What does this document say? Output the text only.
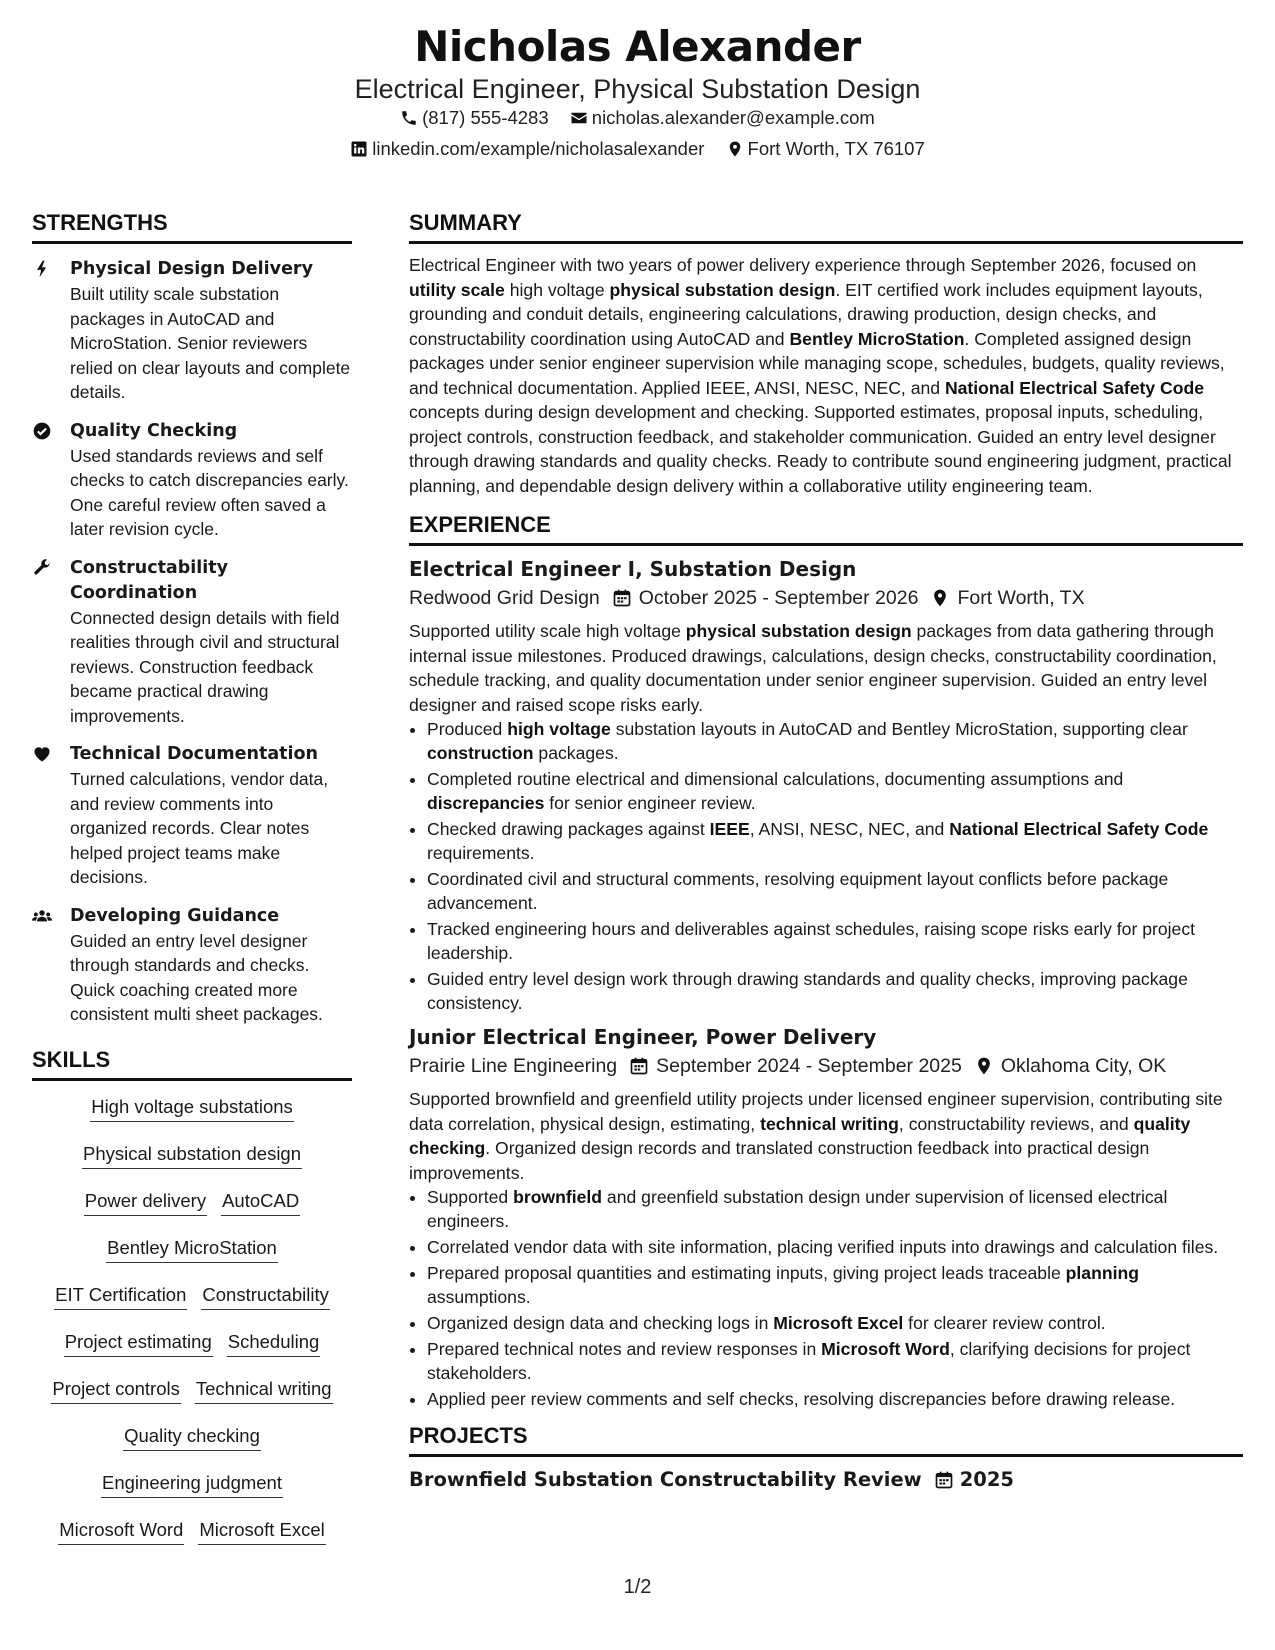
Nicholas Alexander
Electrical Engineer, Physical Substation Design
(817) 555-4283
nicholas.alexander@example.com
linkedin.com/example/nicholasalexander
Fort Worth, TX 76107
STRENGTHS
Physical Design Delivery
Built utility scale substation packages in AutoCAD and MicroStation. Senior reviewers relied on clear layouts and complete details.
Quality Checking
Used standards reviews and self checks to catch discrepancies early. One careful review often saved a later revision cycle.
Constructability Coordination
Connected design details with field realities through civil and structural reviews. Construction feedback became practical drawing improvements.
Technical Documentation
Turned calculations, vendor data, and review comments into organized records. Clear notes helped project teams make decisions.
Developing Guidance
Guided an entry level designer through standards and checks. Quick coaching created more consistent multi sheet packages.
SKILLS
High voltage substations
Physical substation design
Power delivery AutoCAD
Bentley MicroStation
EIT Certification Constructability
Project estimating Scheduling
Project controls Technical writing
Quality checking
Engineering judgment
Microsoft Word Microsoft Excel
SUMMARY
Electrical Engineer with two years of power delivery experience through September 2026, focused on utility scale high voltage physical substation design. EIT certified work includes equipment layouts, grounding and conduit details, engineering calculations, drawing production, design checks, and constructability coordination using AutoCAD and Bentley MicroStation. Completed assigned design packages under senior engineer supervision while managing scope, schedules, budgets, quality reviews, and technical documentation. Applied IEEE, ANSI, NESC, NEC, and National Electrical Safety Code concepts during design development and checking. Supported estimates, proposal inputs, scheduling, project controls, construction feedback, and stakeholder communication. Guided an entry level designer through drawing standards and quality checks. Ready to contribute sound engineering judgment, practical planning, and dependable design delivery within a collaborative utility engineering team.
EXPERIENCE
Electrical Engineer I, Substation Design
Redwood Grid Design October 2025 - September 2026 Fort Worth, TX
Supported utility scale high voltage physical substation design packages from data gathering through internal issue milestones. Produced drawings, calculations, design checks, constructability coordination, schedule tracking, and quality documentation under senior engineer supervision. Guided an entry level designer and raised scope risks early.
• Produced high voltage substation layouts in AutoCAD and Bentley MicroStation, supporting clear construction packages.
• Completed routine electrical and dimensional calculations, documenting assumptions and discrepancies for senior engineer review.
• Checked drawing packages against IEEE, ANSI, NESC, NEC, and National Electrical Safety Code requirements.
• Coordinated civil and structural comments, resolving equipment layout conflicts before package advancement.
• Tracked engineering hours and deliverables against schedules, raising scope risks early for project leadership.
• Guided entry level design work through drawing standards and quality checks, improving package consistency.
Junior Electrical Engineer, Power Delivery
Prairie Line Engineering September 2024 - September 2025 Oklahoma City, OK
Supported brownfield and greenfield utility projects under licensed engineer supervision, contributing site data correlation, physical design, estimating, technical writing, constructability reviews, and quality checking. Organized design records and translated construction feedback into practical design improvements.
• Supported brownfield and greenfield substation design under supervision of licensed electrical engineers.
• Correlated vendor data with site information, placing verified inputs into drawings and calculation files.
• Prepared proposal quantities and estimating inputs, giving project leads traceable planning assumptions.
• Organized design data and checking logs in Microsoft Excel for clearer review control.
• Prepared technical notes and review responses in Microsoft Word, clarifying decisions for project stakeholders.
• Applied peer review comments and self checks, resolving discrepancies before drawing release.
PROJECTS
Brownfield Substation Constructability Review 2025
1/2
